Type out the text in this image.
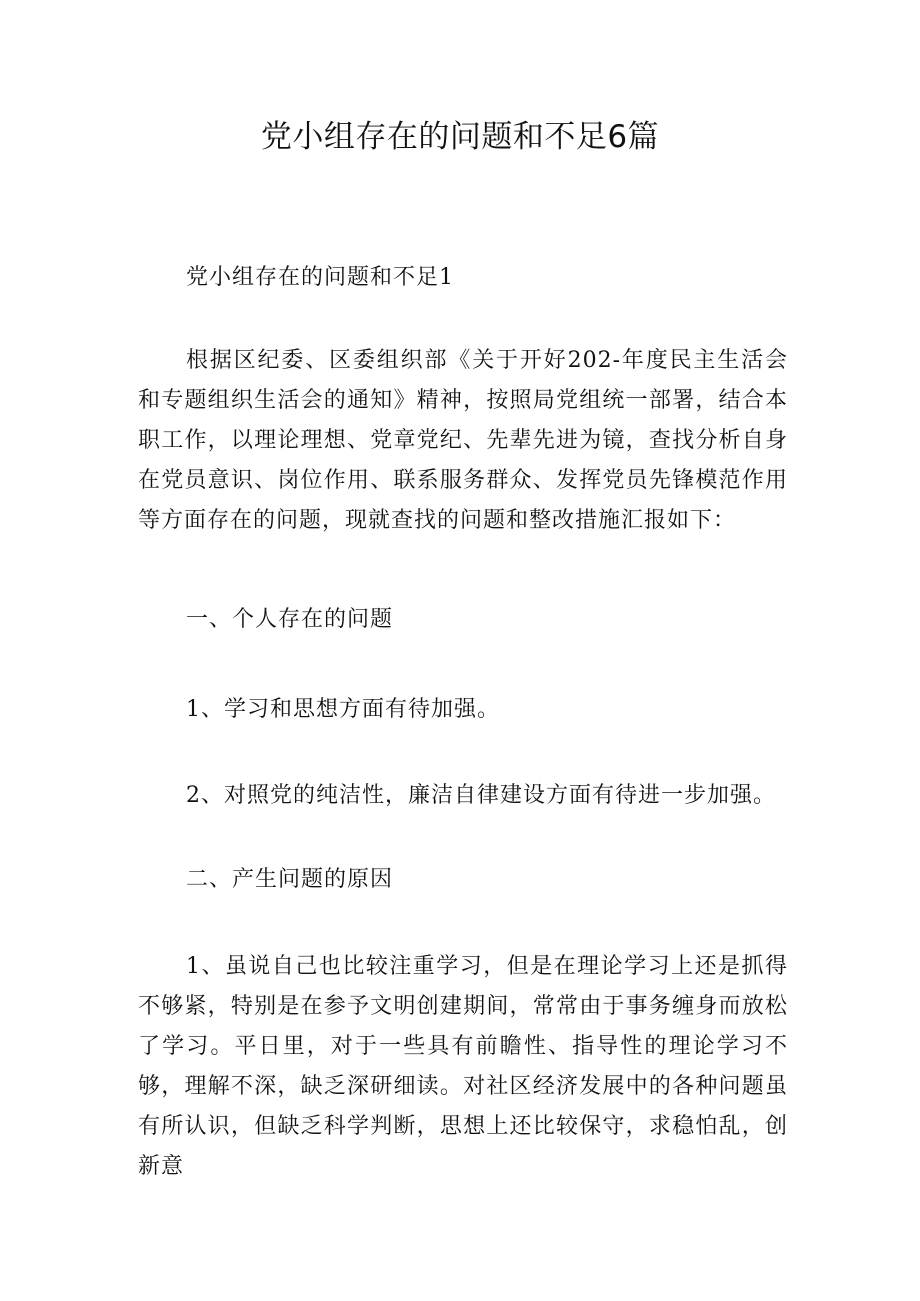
党小组存在的问题和不足6篇

党小组存在的问题和不足1

根据区纪委、区委组织部《关于开好202-年度民主生活会和专题组织生活会的通知》精神，按照局党组统一部署，结合本职工作，以理论理想、党章党纪、先辈先进为镜，查找分析自身在党员意识、岗位作用、联系服务群众、发挥党员先锋模范作用等方面存在的问题，现就查找的问题和整改措施汇报如下：

一、个人存在的问题

1、学习和思想方面有待加强。

2、对照党的纯洁性，廉洁自律建设方面有待进一步加强。

二、产生问题的原因

1、虽说自己也比较注重学习，但是在理论学习上还是抓得不够紧，特别是在参予文明创建期间，常常由于事务缠身而放松了学习。平日里，对于一些具有前瞻性、指导性的理论学习不够，理解不深，缺乏深研细读。对社区经济发展中的各种问题虽有所认识，但缺乏科学判断，思想上还比较保守，求稳怕乱，创新意
